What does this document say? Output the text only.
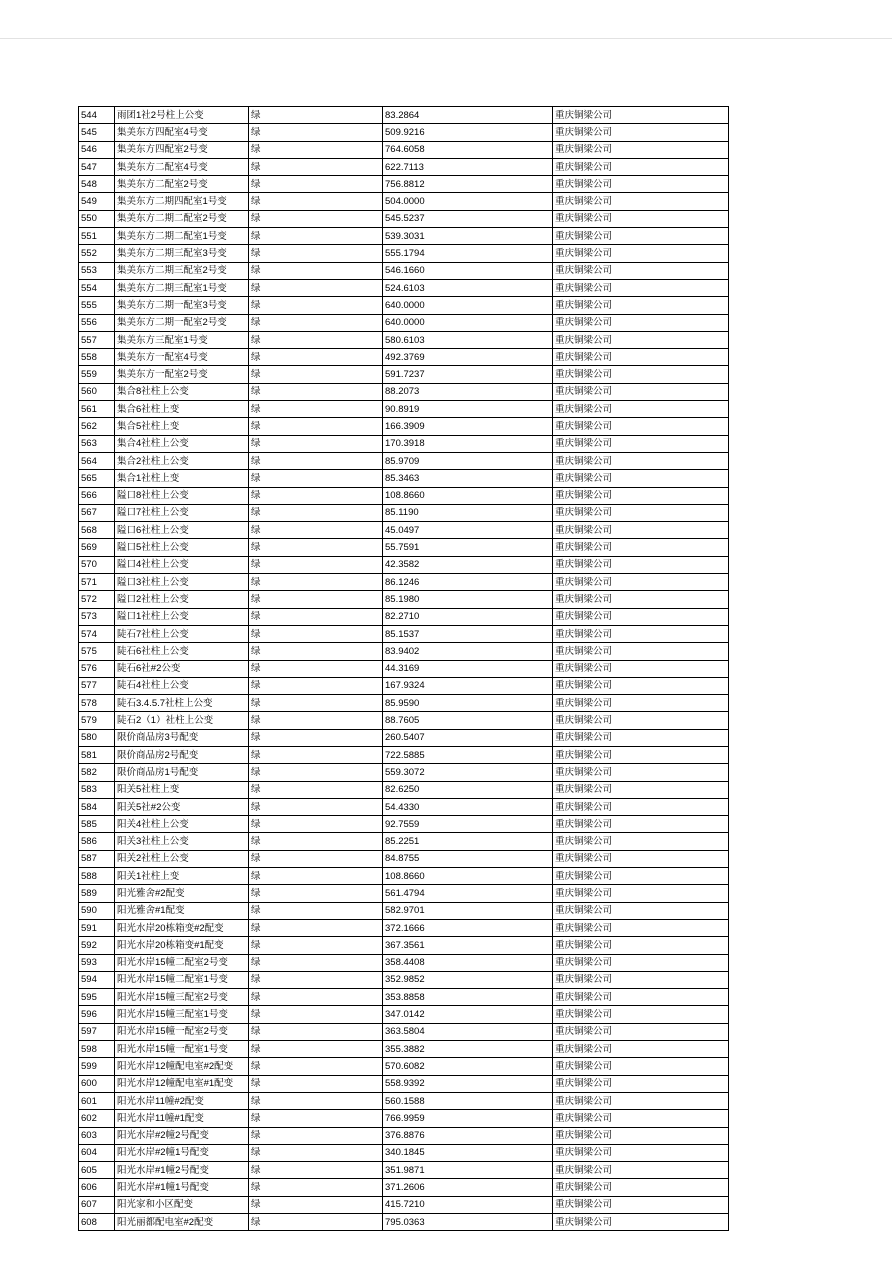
544	雨团1社2号柱上公变	绿	83.2864	重庆铜梁公司
545	集美东方四配室4号变	绿	509.9216	重庆铜梁公司
546	集美东方四配室2号变	绿	764.6058	重庆铜梁公司
547	集美东方二配室4号变	绿	622.7113	重庆铜梁公司
548	集美东方二配室2号变	绿	756.8812	重庆铜梁公司
549	集美东方二期四配室1号变	绿	504.0000	重庆铜梁公司
550	集美东方二期二配室2号变	绿	545.5237	重庆铜梁公司
551	集美东方二期二配室1号变	绿	539.3031	重庆铜梁公司
552	集美东方二期三配室3号变	绿	555.1794	重庆铜梁公司
553	集美东方二期三配室2号变	绿	546.1660	重庆铜梁公司
554	集美东方二期三配室1号变	绿	524.6103	重庆铜梁公司
555	集美东方二期一配室3号变	绿	640.0000	重庆铜梁公司
556	集美东方二期一配室2号变	绿	640.0000	重庆铜梁公司
557	集美东方三配室1号变	绿	580.6103	重庆铜梁公司
558	集美东方一配室4号变	绿	492.3769	重庆铜梁公司
559	集美东方一配室2号变	绿	591.7237	重庆铜梁公司
560	集合8社柱上公变	绿	88.2073	重庆铜梁公司
561	集合6社柱上变	绿	90.8919	重庆铜梁公司
562	集合5社柱上变	绿	166.3909	重庆铜梁公司
563	集合4社柱上公变	绿	170.3918	重庆铜梁公司
564	集合2社柱上公变	绿	85.9709	重庆铜梁公司
565	集合1社柱上变	绿	85.3463	重庆铜梁公司
566	隘口8社柱上公变	绿	108.8660	重庆铜梁公司
567	隘口7社柱上公变	绿	85.1190	重庆铜梁公司
568	隘口6社柱上公变	绿	45.0497	重庆铜梁公司
569	隘口5社柱上公变	绿	55.7591	重庆铜梁公司
570	隘口4社柱上公变	绿	42.3582	重庆铜梁公司
571	隘口3社柱上公变	绿	86.1246	重庆铜梁公司
572	隘口2社柱上公变	绿	85.1980	重庆铜梁公司
573	隘口1社柱上公变	绿	82.2710	重庆铜梁公司
574	陡石7社柱上公变	绿	85.1537	重庆铜梁公司
575	陡石6社柱上公变	绿	83.9402	重庆铜梁公司
576	陡石6社#2公变	绿	44.3169	重庆铜梁公司
577	陡石4社柱上公变	绿	167.9324	重庆铜梁公司
578	陡石3.4.5.7社柱上公变	绿	85.9590	重庆铜梁公司
579	陡石2（1）社柱上公变	绿	88.7605	重庆铜梁公司
580	限价商品房3号配变	绿	260.5407	重庆铜梁公司
581	限价商品房2号配变	绿	722.5885	重庆铜梁公司
582	限价商品房1号配变	绿	559.3072	重庆铜梁公司
583	阳关5社柱上变	绿	82.6250	重庆铜梁公司
584	阳关5社#2公变	绿	54.4330	重庆铜梁公司
585	阳关4社柱上公变	绿	92.7559	重庆铜梁公司
586	阳关3社柱上公变	绿	85.2251	重庆铜梁公司
587	阳关2社柱上公变	绿	84.8755	重庆铜梁公司
588	阳关1社柱上变	绿	108.8660	重庆铜梁公司
589	阳光雅舍#2配变	绿	561.4794	重庆铜梁公司
590	阳光雅舍#1配变	绿	582.9701	重庆铜梁公司
591	阳光水岸20栋箱变#2配变	绿	372.1666	重庆铜梁公司
592	阳光水岸20栋箱变#1配变	绿	367.3561	重庆铜梁公司
593	阳光水岸15幢二配室2号变	绿	358.4408	重庆铜梁公司
594	阳光水岸15幢二配室1号变	绿	352.9852	重庆铜梁公司
595	阳光水岸15幢三配室2号变	绿	353.8858	重庆铜梁公司
596	阳光水岸15幢三配室1号变	绿	347.0142	重庆铜梁公司
597	阳光水岸15幢一配室2号变	绿	363.5804	重庆铜梁公司
598	阳光水岸15幢一配室1号变	绿	355.3882	重庆铜梁公司
599	阳光水岸12幢配电室#2配变	绿	570.6082	重庆铜梁公司
600	阳光水岸12幢配电室#1配变	绿	558.9392	重庆铜梁公司
601	阳光水岸11幢#2配变	绿	560.1588	重庆铜梁公司
602	阳光水岸11幢#1配变	绿	766.9959	重庆铜梁公司
603	阳光水岸#2幢2号配变	绿	376.8876	重庆铜梁公司
604	阳光水岸#2幢1号配变	绿	340.1845	重庆铜梁公司
605	阳光水岸#1幢2号配变	绿	351.9871	重庆铜梁公司
606	阳光水岸#1幢1号配变	绿	371.2606	重庆铜梁公司
607	阳光家和小区配变	绿	415.7210	重庆铜梁公司
608	阳光丽都配电室#2配变	绿	795.0363	重庆铜梁公司
